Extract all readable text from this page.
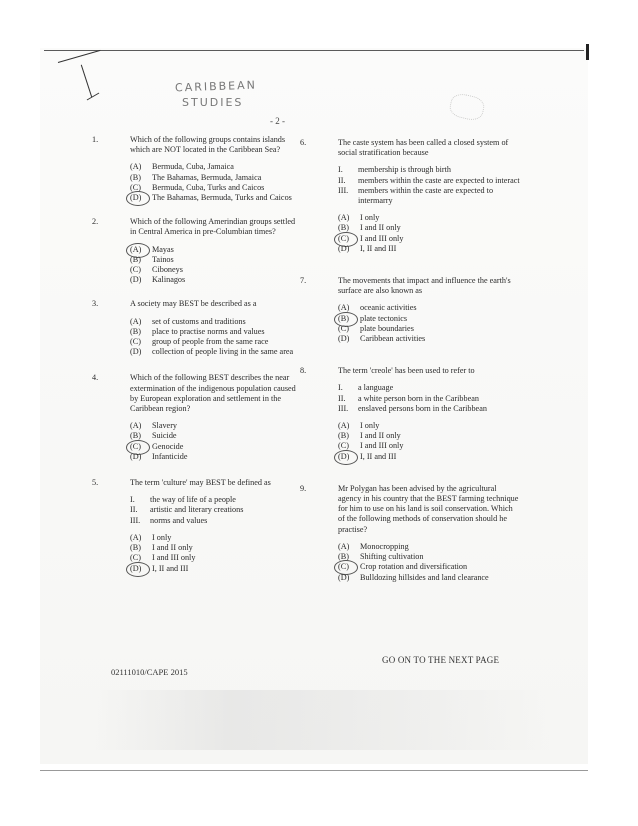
CARIBBEAN
STUDIES
- 2 -
1.	Which of the following groups contains islands which are NOT located in the Caribbean Sea?
(A)	Bermuda, Cuba, Jamaica
(B)	The Bahamas, Bermuda, Jamaica
(C)	Bermuda, Cuba, Turks and Caicos
(D)	The Bahamas, Bermuda, Turks and Caicos
2.	Which of the following Amerindian groups settled in Central America in pre-Columbian times?
(A)	Mayas
(B)	Tainos
(C)	Ciboneys
(D)	Kalinagos
3.	A society may BEST be described as a
(A)	set of customs and traditions
(B)	place to practise norms and values
(C)	group of people from the same race
(D)	collection of people living in the same area
4.	Which of the following BEST describes the near extermination of the indigenous population caused by European exploration and settlement in the Caribbean region?
(A)	Slavery
(B)	Suicide
(C)	Genocide
(D)	Infanticide
5.	The term 'culture' may BEST be defined as
I.	the way of life of a people
II.	artistic and literary creations
III.	norms and values
(A)	I only
(B)	I and II only
(C)	I and III only
(D)	I, II and III
6.	The caste system has been called a closed system of social stratification because
I.	membership is through birth
II.	members within the caste are expected to interact
III.	members within the caste are expected to intermarry
(A)	I only
(B)	I and II only
(C)	I and III only
(D)	I, II and III
7.	The movements that impact and influence the earth's surface are also known as
(A)	oceanic activities
(B)	plate tectonics
(C)	plate boundaries
(D)	Caribbean activities
8.	The term 'creole' has been used to refer to
I.	a language
II.	a white person born in the Caribbean
III.	enslaved persons born in the Caribbean
(A)	I only
(B)	I and II only
(C)	I and III only
(D)	I, II and III
9.	Mr Polygan has been advised by the agricultural agency in his country that the BEST farming technique for him to use on his land is soil conservation. Which of the following methods of conservation should he practise?
(A)	Monocropping
(B)	Shifting cultivation
(C)	Crop rotation and diversification
(D)	Bulldozing hillsides and land clearance
GO ON TO THE NEXT PAGE
02111010/CAPE 2015
